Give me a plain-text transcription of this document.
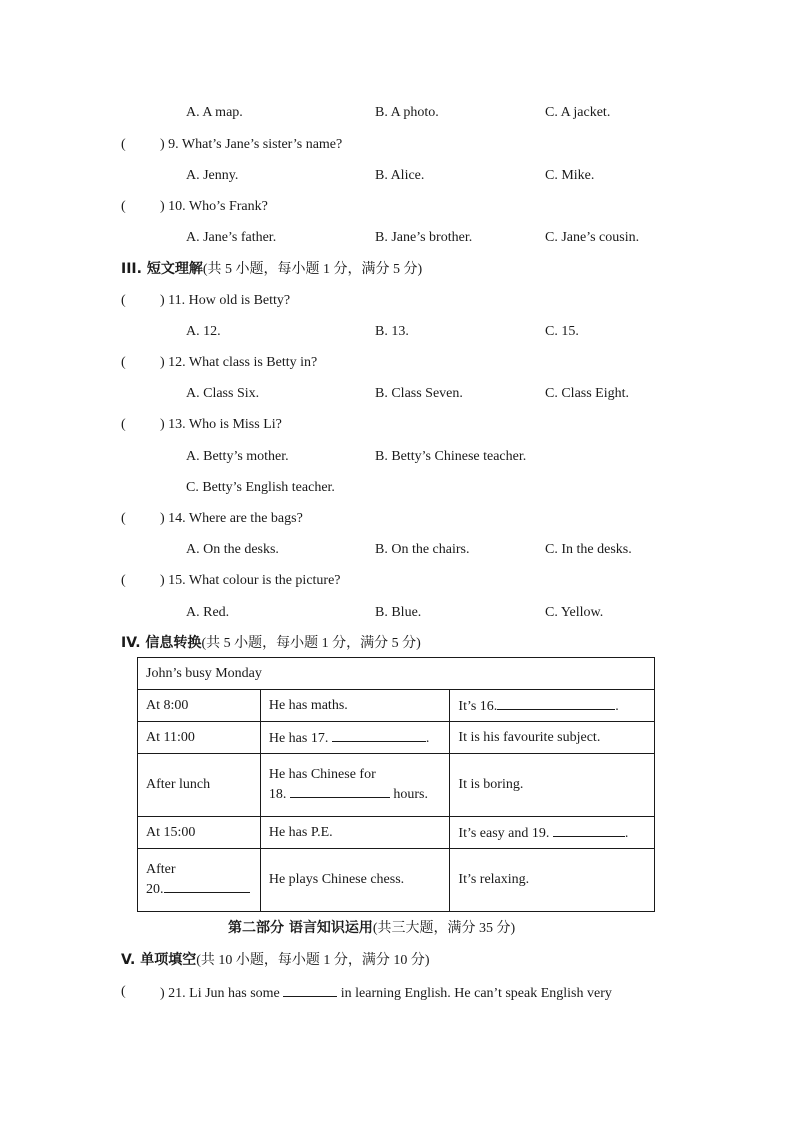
A. A map.	B. A photo.	C. A jacket.
( ) 9. What’s Jane’s sister’s name?
A. Jenny.	B. Alice.	C. Mike.
( ) 10. Who’s Frank?
A. Jane’s father.	B. Jane’s brother.	C. Jane’s cousin.
III. 短文理解(共 5 小题，每小题 1 分，满分 5 分)
( ) 11. How old is Betty?
A. 12.	B. 13.	C. 15.
( ) 12. What class is Betty in?
A. Class Six.	B. Class Seven.	C. Class Eight.
( ) 13. Who is Miss Li?
A. Betty’s mother.	B. Betty’s Chinese teacher.
C. Betty’s English teacher.
( ) 14. Where are the bags?
A. On the desks.	B. On the chairs.	C. In the desks.
( ) 15. What colour is the picture?
A. Red.	B. Blue.	C. Yellow.
IV. 信息转换(共 5 小题，每小题 1 分，满分 5 分)
John’s busy Monday		
At 8:00	He has maths.	It’s 16. .
At 11:00	He has 17. .	It is his favourite subject.
After lunch	He has Chinese for
18. hours.	It is boring.
At 15:00	He has P.E.	It’s easy and 19. .
After
20.	He plays Chinese chess.	It’s relaxing.
第二部分 语言知识运用(共三大题，满分 35 分)
V. 单项填空(共 10 小题，每小题 1 分，满分 10 分)
( ) 21. Li Jun has some	in learning English. He can’t speak English very
